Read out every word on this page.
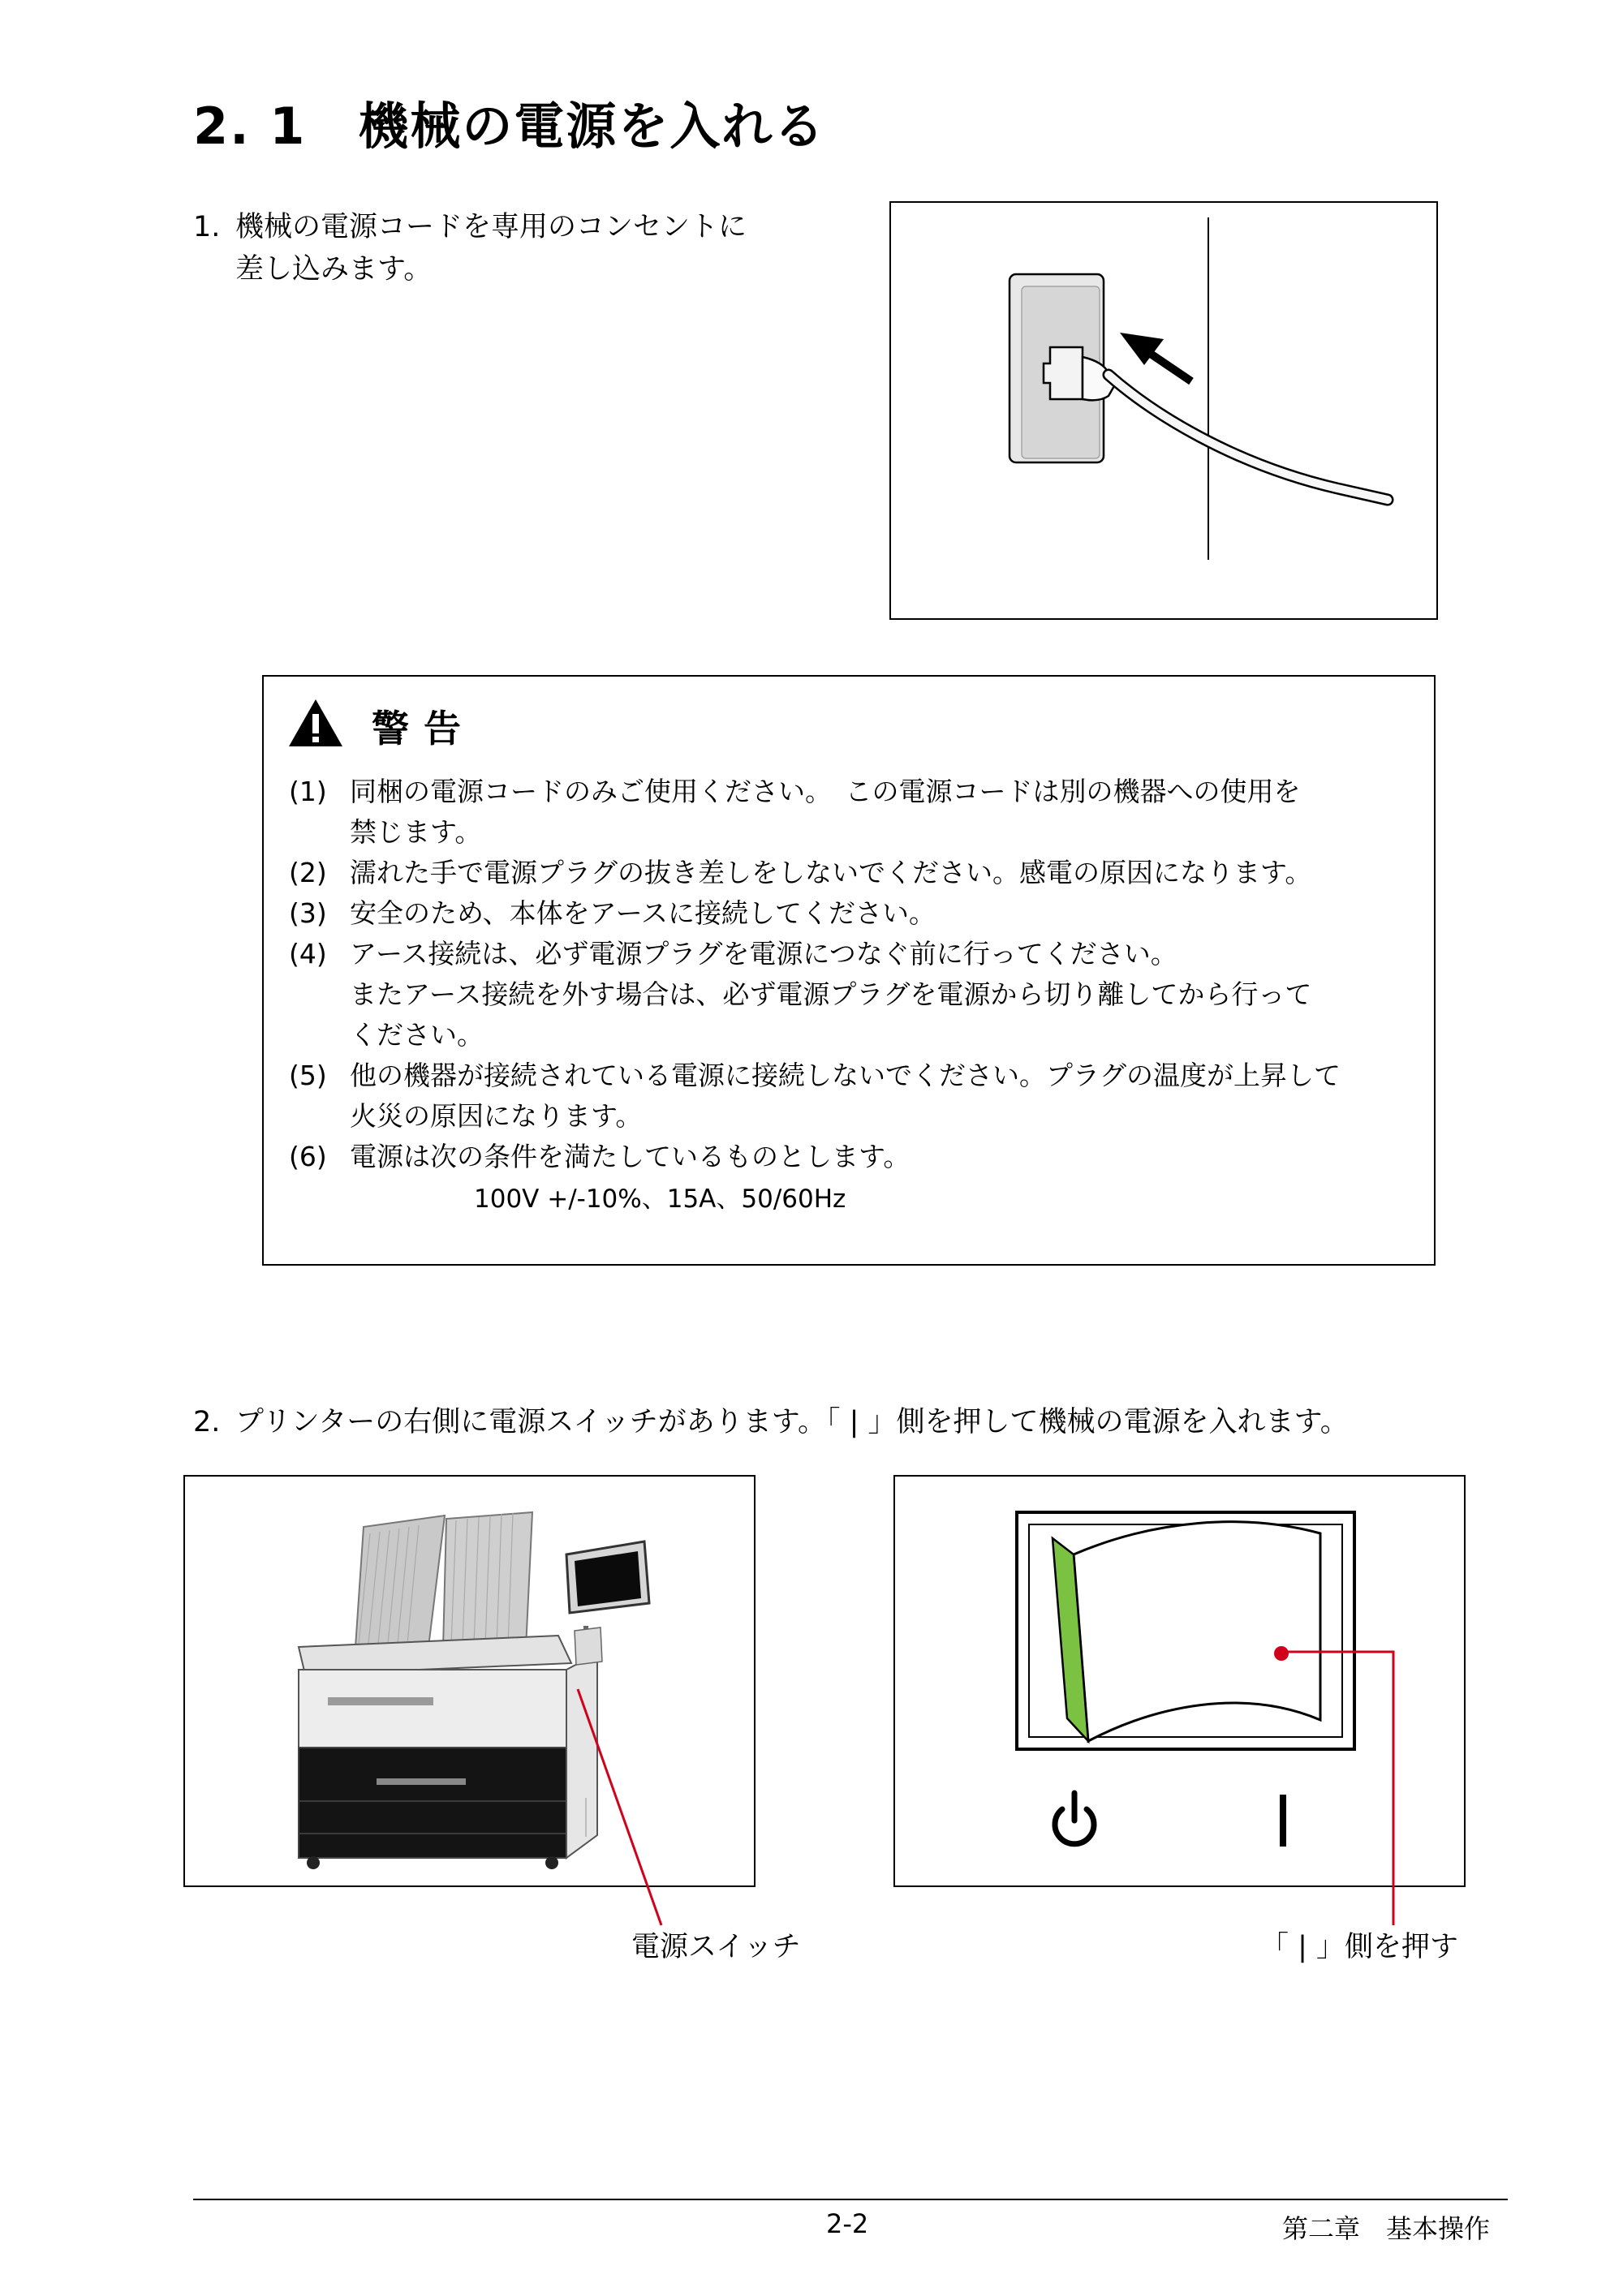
2. 1　機械の電源を入れる
1. 機械の電源コードを専用のコンセントに
差し込みます。
警告
(1) 同梱の電源コードのみご使用ください。　この電源コードは別の機器への使用を
禁じます。
(2) 濡れた手で電源プラグの抜き差しをしないでください。感電の原因になります。
(3) 安全のため、本体をアースに接続してください。
(4) アース接続は、必ず電源プラグを電源につなぐ前に行ってください。
またアース接続を外す場合は、必ず電源プラグを電源から切り離してから行って
ください。
(5) 他の機器が接続されている電源に接続しないでください。プラグの温度が上昇して
火災の原因になります。
(6) 電源は次の条件を満たしているものとします。
100V +/-10%、15A、50/60Hz
2. プリンターの右側に電源スイッチがあります。「 | 」側を押して機械の電源を入れます。
電源スイッチ	「 | 」側を押す
2-2	第二章　基本操作
